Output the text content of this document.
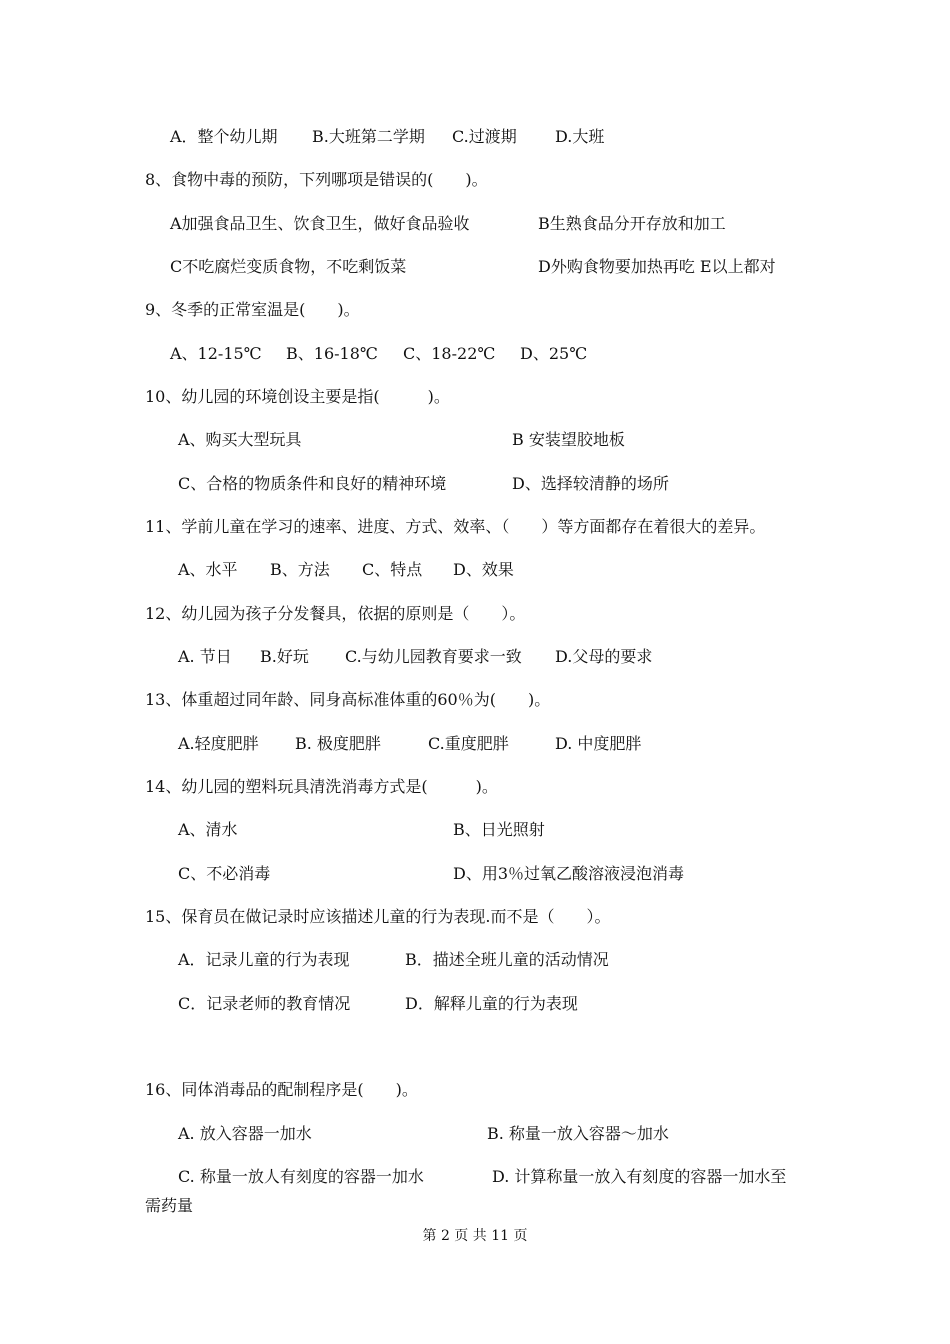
A．整个幼儿期 B.大班第二学期 C.过渡期 D.大班
8、食物中毒的预防，下列哪项是错误的(　　)。
A加强食品卫生、饮食卫生，做好食品验收	B生熟食品分开存放和加工
C不吃腐烂变质食物，不吃剩饭菜	D外购食物要加热再吃 E以上都对
9、冬季的正常室温是(　　)。
A、12-15℃ B、16-18℃ C、18-22℃ D、25℃
10、幼儿园的环境创设主要是指(　　　)。
A、购买大型玩具	B 安装望胶地板
C、合格的物质条件和良好的精神环境	D、选择较清静的场所
11、学前儿童在学习的速率、进度、方式、效率、（　　）等方面都存在着很大的差异。
A、水平 B、方法 C、特点 D、效果
12、幼儿园为孩子分发餐具，依据的原则是（　　）。
A. 节日 B.好玩 C.与幼儿园教育要求一致 D.父母的要求
13、体重超过同年龄、同身高标准体重的60％为(　　)。
A.轻度肥胖 B. 极度肥胖	C.重度肥胖	D. 中度肥胖
14、幼儿园的塑料玩具清洗消毒方式是(　　　)。
A、清水	B、日光照射
C、不必消毒	D、用3％过氧乙酸溶液浸泡消毒
15、保育员在做记录时应该描述儿童的行为表现.而不是（　　）。
A．记录儿童的行为表现	B．描述全班儿童的活动情况
C．记录老师的教育情况	D．解释儿童的行为表现
16、同体消毒品的配制程序是(　　)。
A. 放入容器一加水	B. 称量一放入容器～加水
C. 称量一放人有刻度的容器一加水	D. 计算称量一放入有刻度的容器一加水至
需药量
第 2 页 共 11 页
